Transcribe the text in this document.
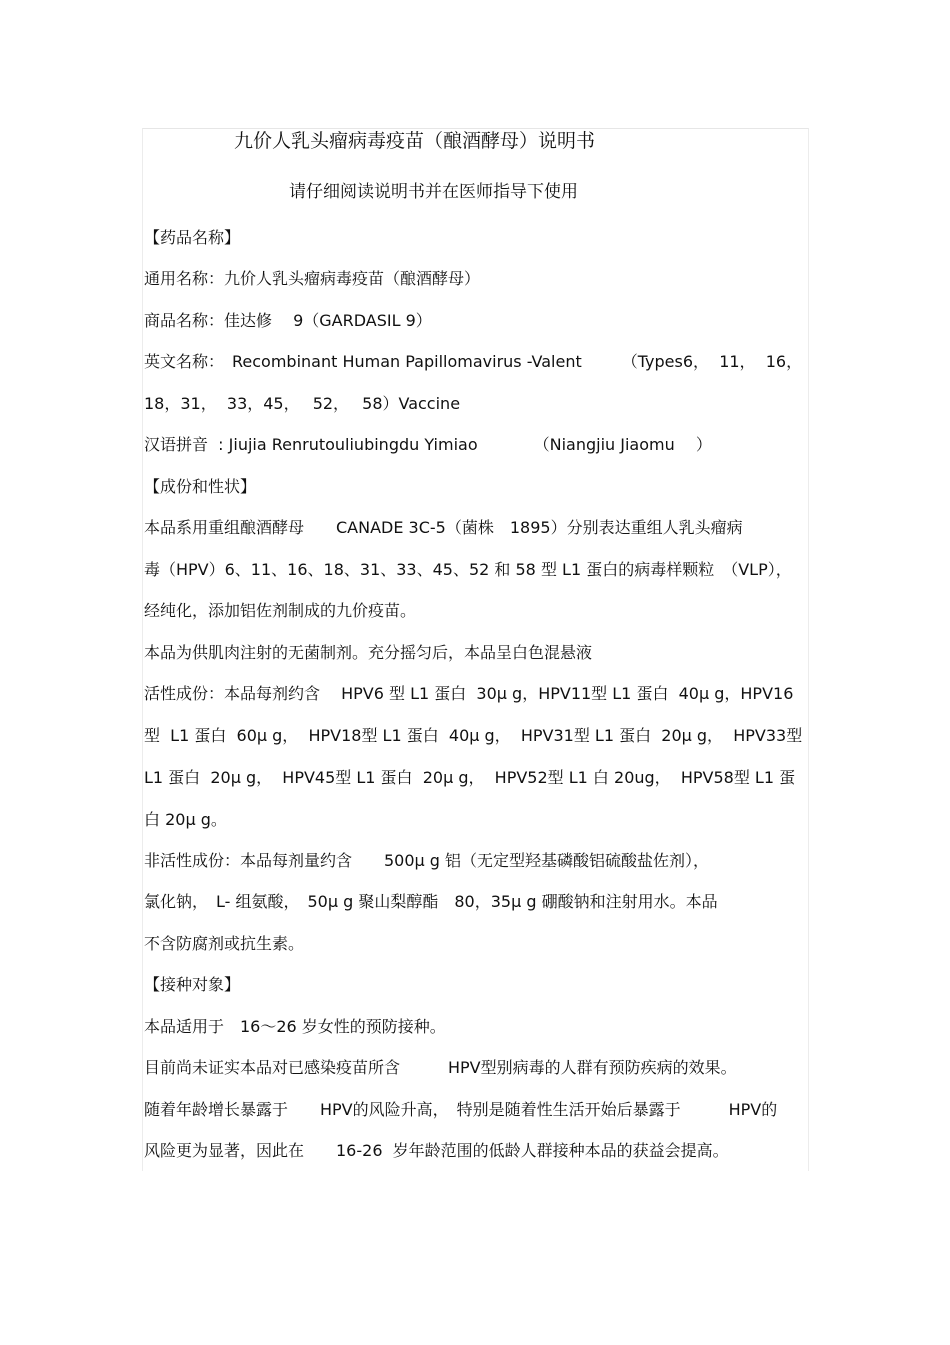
九价人乳头瘤病毒疫苗（酿酒酵母）说明书
请仔细阅读说明书并在医师指导下使用
【药品名称】
通用名称：九价人乳头瘤病毒疫苗（酿酒酵母）
商品名称：佳达修　 9（GARDASIL 9）
英文名称：　Recombinant Human Papillomavirus -Valent　　　（Types6，  11，  16，
18，31，  33，45，　 52，　 58）Vaccine
汉语拼音  : Jiujia Renrutouliubingdu Yimiao　　　　（Niangjiu Jiaomu　 ）
【成份和性状】
本品系用重组酿酒酵母　　CANADE 3C-5（菌株　1895）分别表达重组人乳头瘤病
毒（HPV）6、11、16、18、31、33、45、52 和 58 型 L1 蛋白的病毒样颗粒　（VLP），
经纯化，添加铝佐剂制成的九价疫苗。
本品为供肌肉注射的无菌制剂。充分摇匀后，本品呈白色混悬液
活性成份：本品每剂约含　 HPV6 型 L1 蛋白  30μ g，HPV11型 L1 蛋白  40μ g，HPV16
型  L1 蛋白  60μ g，  HPV18型 L1 蛋白  40μ g，  HPV31型 L1 蛋白  20μ g，  HPV33型
L1 蛋白  20μ g，  HPV45型 L1 蛋白  20μ g，  HPV52型 L1 白 20ug，  HPV58型 L1 蛋
白 20μ g。
非活性成份：本品每剂量约含　　500μ g 铝（无定型羟基磷酸铝硫酸盐佐剂），
氯化钠，　L- 组氨酸，　50μ g 聚山梨醇酯　80，35μ g 硼酸钠和注射用水。本品
不含防腐剂或抗生素。
【接种对象】
本品适用于　16～26 岁女性的预防接种。
目前尚未证实本品对已感染疫苗所含　　　HPV型别病毒的人群有预防疾病的效果。
随着年龄增长暴露于　　HPV的风险升高，　特别是随着性生活开始后暴露于　　　HPV的
风险更为显著，因此在　　16-26  岁年龄范围的低龄人群接种本品的获益会提高。
